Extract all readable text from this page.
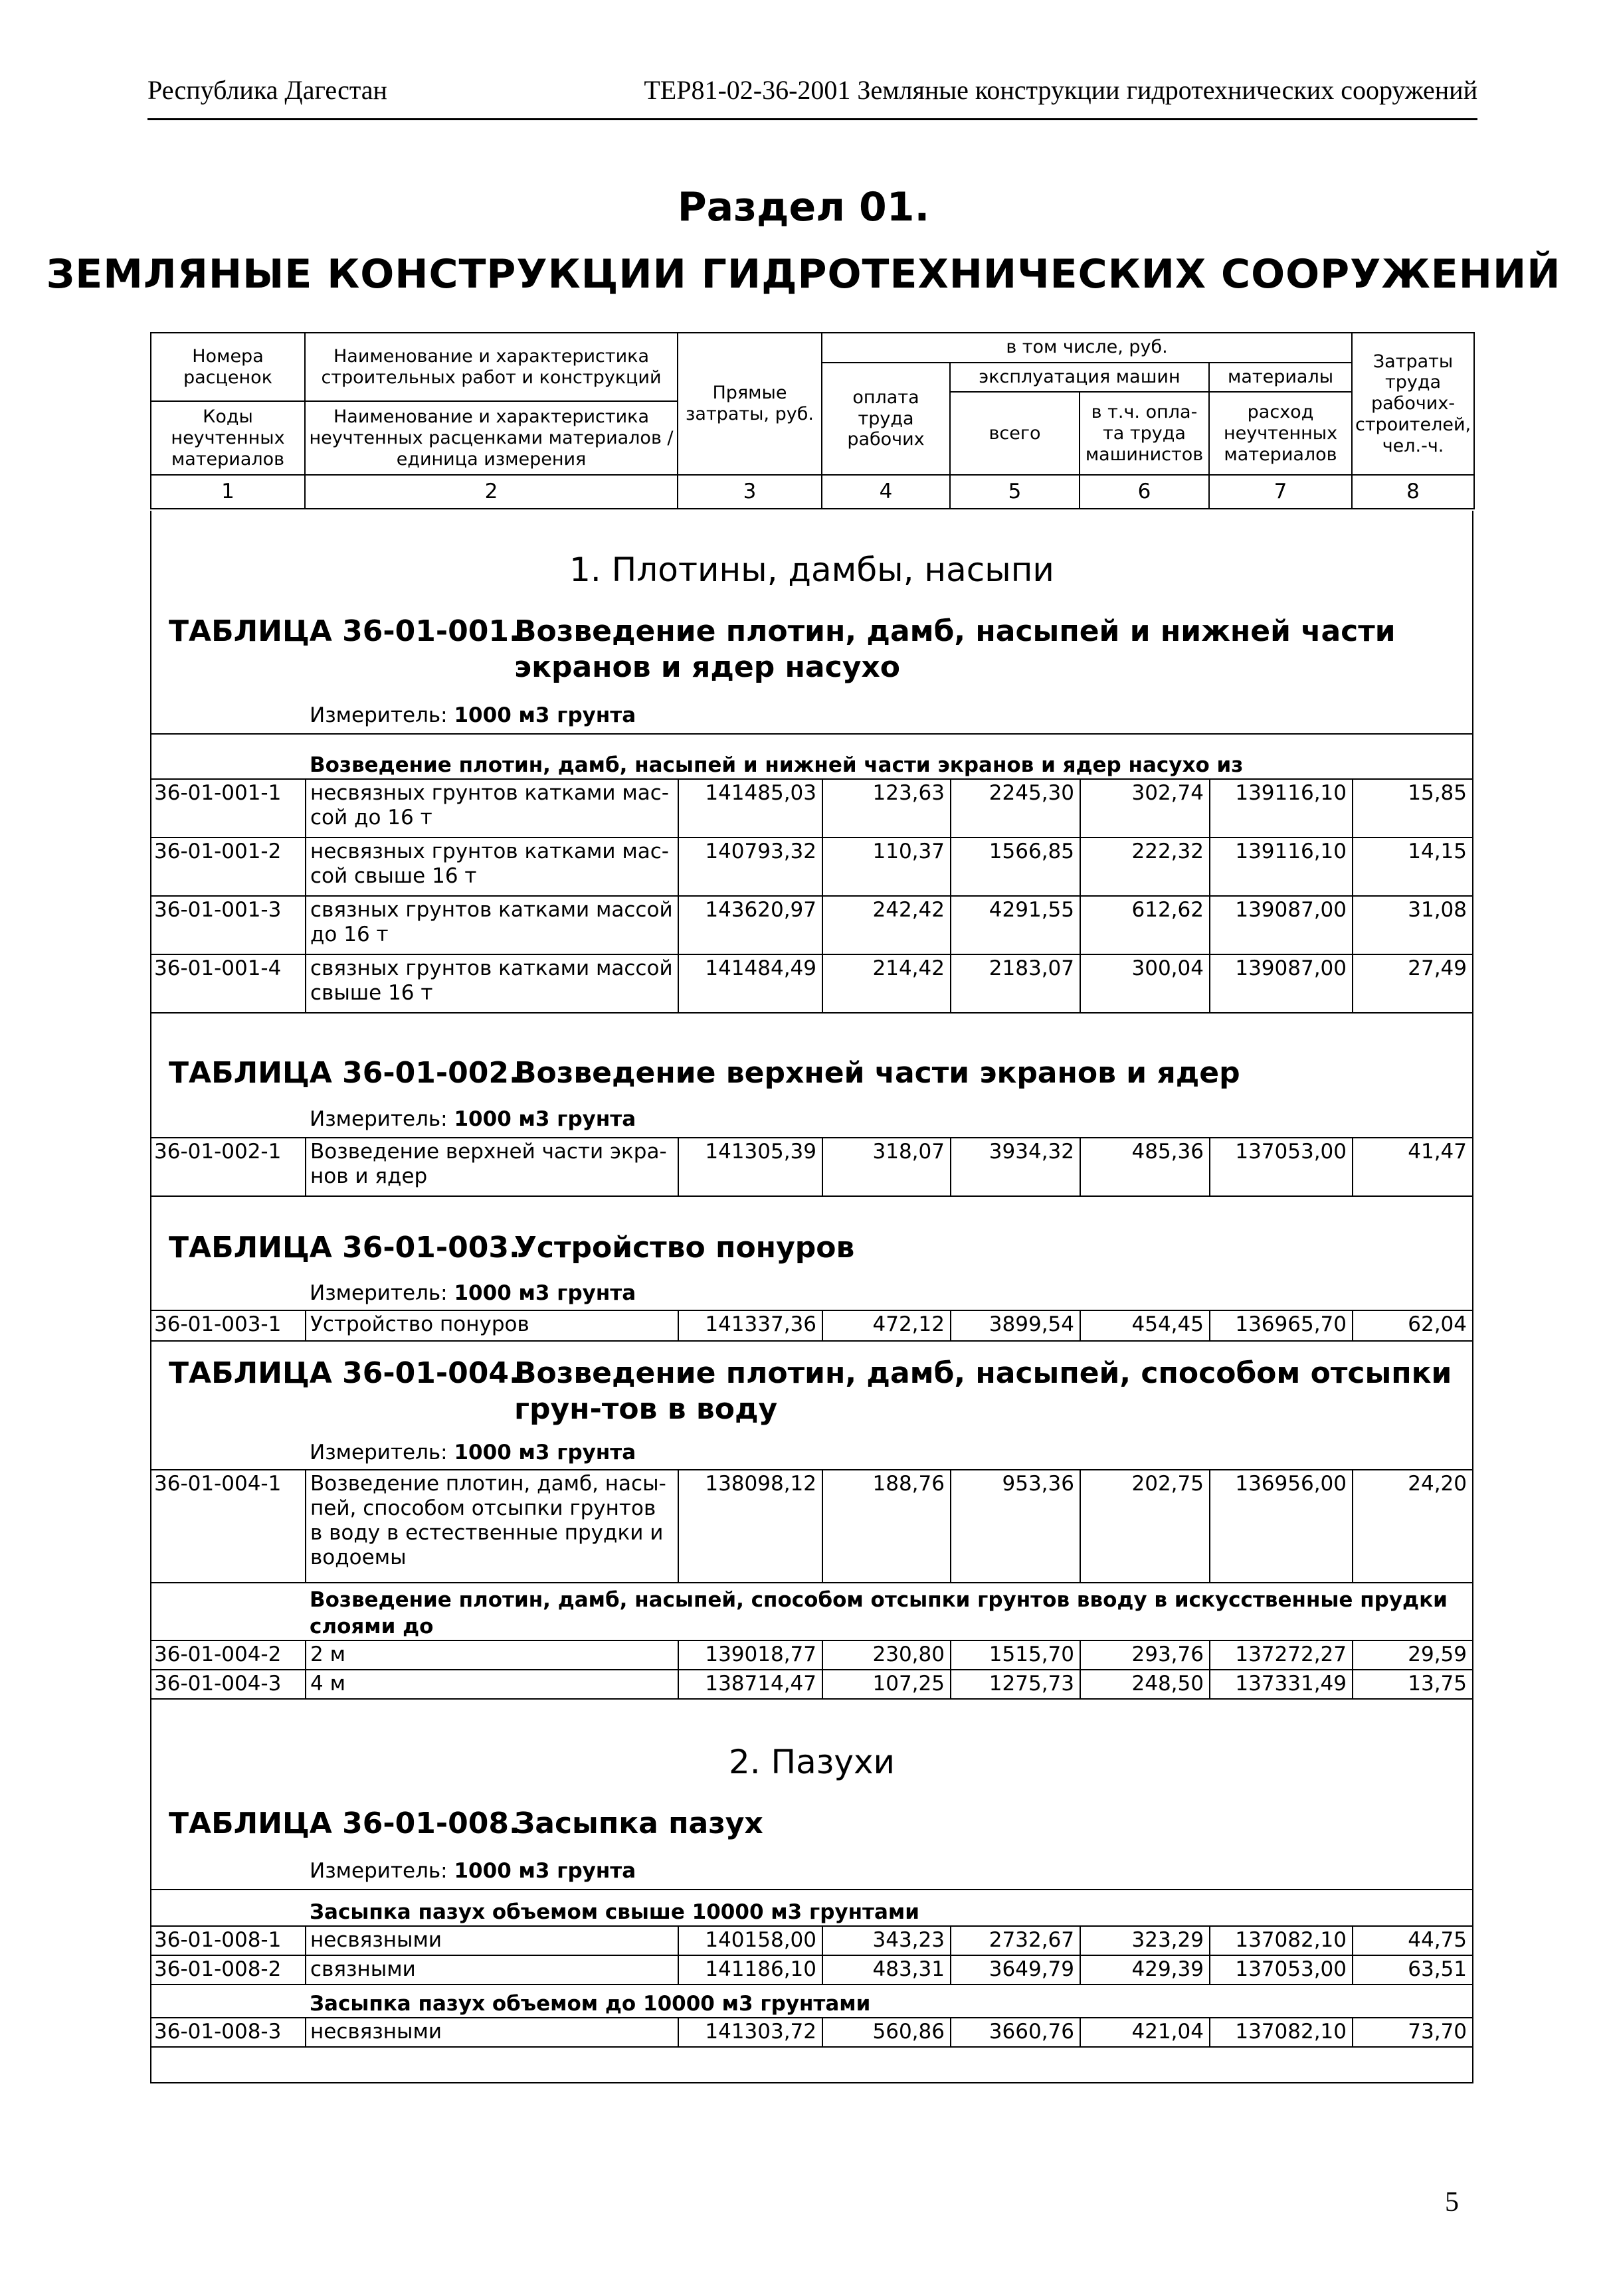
Республика Дагестан	ТЕР81-02-36-2001 Земляные конструкции гидротехнических сооружений
Раздел 01.
ЗЕМЛЯНЫЕ КОНСТРУКЦИИ ГИДРОТЕХНИЧЕСКИХ СООРУЖЕНИЙ
Номера расценок	Наименование и характеристика строительных работ и конструкций	Прямые затраты, руб.	в том числе, руб.				Затраты труда рабочих-строителей, чел.-ч.
			оплата труда рабочих	эксплуатация машин		материалы	
				всего	в т.ч. опла-та труда машинистов	расход неучтенных материалов	
Коды неучтенных материалов	Наименование и характеристика неучтенных расценками материалов / единица измерения						

1	2	3	4	5	6	7	8
1. Плотины, дамбы, насыпи
ТАБЛИЦА 36-01-001.
Возведение плотин, дамб, насыпей и нижней части экранов и ядер насухо
Измеритель: 1000 м3 грунта
Возведение плотин, дамб, насыпей и нижней части экранов и ядер насухо из
36-01-001-1	несвязных грунтов катками мас-сой до 16 т	141485,03	123,63	2245,30	302,74	139116,10	15,85
36-01-001-2	несвязных грунтов катками мас-сой свыше 16 т	140793,32	110,37	1566,85	222,32	139116,10	14,15
36-01-001-3	связных грунтов катками массой до 16 т	143620,97	242,42	4291,55	612,62	139087,00	31,08
36-01-001-4	связных грунтов катками массой свыше 16 т	141484,49	214,42	2183,07	300,04	139087,00	27,49
ТАБЛИЦА 36-01-002.
Возведение верхней части экранов и ядер
Измеритель: 1000 м3 грунта
36-01-002-1	Возведение верхней части экра-нов и ядер	141305,39	318,07	3934,32	485,36	137053,00	41,47
ТАБЛИЦА 36-01-003.
Устройство понуров
Измеритель: 1000 м3 грунта
36-01-003-1	Устройство понуров	141337,36	472,12	3899,54	454,45	136965,70	62,04
ТАБЛИЦА 36-01-004.
Возведение плотин, дамб, насыпей, способом отсыпки грун-тов в воду
Измеритель: 1000 м3 грунта
36-01-004-1	Возведение плотин, дамб, насы-пей, способом отсыпки грунтов в воду в естественные прудки и водоемы	138098,12	188,76	953,36	202,75	136956,00	24,20
Возведение плотин, дамб, насыпей, способом отсыпки грунтов вводу в искусственные прудки слоями до
36-01-004-2	2 м	139018,77	230,80	1515,70	293,76	137272,27	29,59
36-01-004-3	4 м	138714,47	107,25	1275,73	248,50	137331,49	13,75
2. Пазухи
ТАБЛИЦА 36-01-008.
Засыпка пазух
Измеритель: 1000 м3 грунта
Засыпка пазух объемом свыше 10000 м3 грунтами
36-01-008-1	несвязными	140158,00	343,23	2732,67	323,29	137082,10	44,75
36-01-008-2	связными	141186,10	483,31	3649,79	429,39	137053,00	63,51
Засыпка пазух объемом до 10000 м3 грунтами
36-01-008-3	несвязными	141303,72	560,86	3660,76	421,04	137082,10	73,70
5
